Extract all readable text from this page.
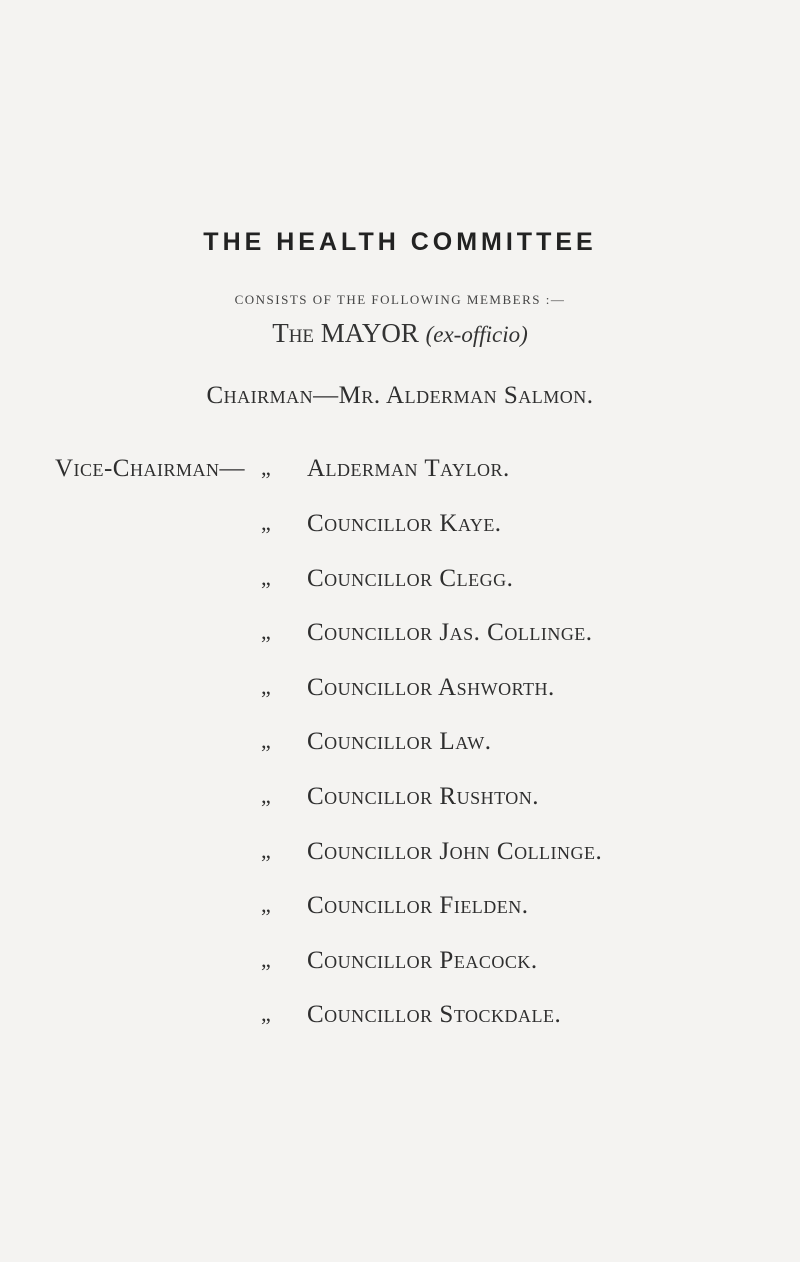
THE HEALTH COMMITTEE
CONSISTS OF THE FOLLOWING MEMBERS :—
The MAYOR (ex-officio)
Chairman—Mr. Alderman Salmon.
Vice-Chairman— „ Alderman Taylor.
„ Councillor Kaye.
„ Councillor Clegg.
„ Councillor Jas. Collinge.
„ Councillor Ashworth.
„ Councillor Law.
„ Councillor Rushton.
„ Councillor John Collinge.
„ Councillor Fielden.
„ Councillor Peacock.
„ Councillor Stockdale.
